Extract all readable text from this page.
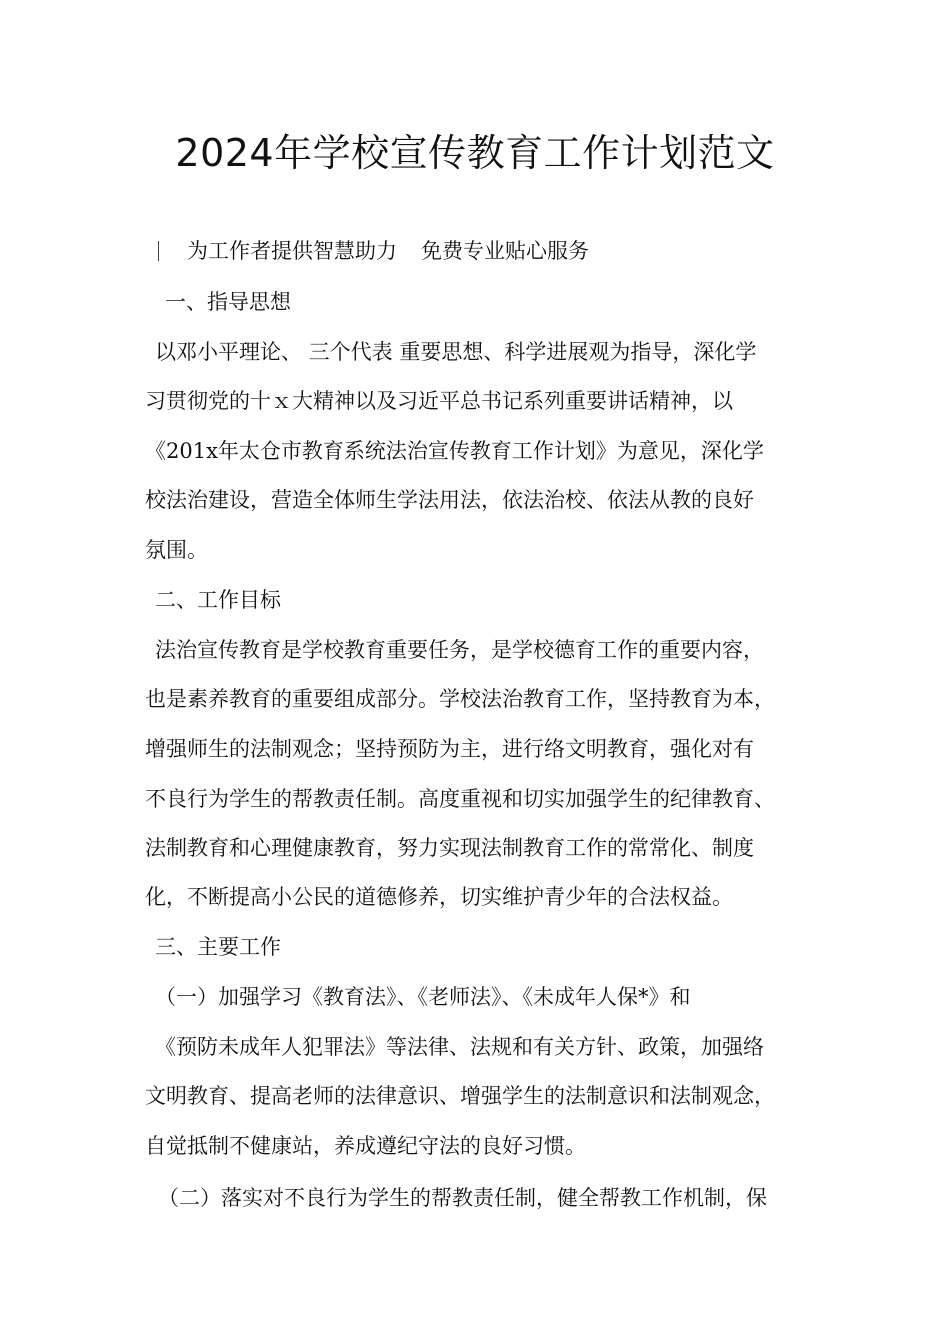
2024年学校宣传教育工作计划范文
为工作者提供智慧助力 免费专业贴心服务
一、指导思想
以邓小平理论、 三个代表 重要思想、科学进展观为指导，深化学
习贯彻党的十ｘ大精神以及习近平总书记系列重要讲话精神，以
《201x年太仓市教育系统法治宣传教育工作计划》为意见，深化学
校法治建设，营造全体师生学法用法，依法治校、依法从教的良好
氛围。
二、工作目标
法治宣传教育是学校教育重要任务，是学校德育工作的重要内容，
也是素养教育的重要组成部分。学校法治教育工作，坚持教育为本，
增强师生的法制观念；坚持预防为主，进行络文明教育，强化对有
不良行为学生的帮教责任制。高度重视和切实加强学生的纪律教育、
法制教育和心理健康教育，努力实现法制教育工作的常常化、制度
化，不断提高小公民的道德修养，切实维护青少年的合法权益。
三、主要工作
（一）加强学习《教育法》、《老师法》、《未成年人保*》和
《预防未成年人犯罪法》等法律、法规和有关方针、政策，加强络
文明教育、提高老师的法律意识、增强学生的法制意识和法制观念，
自觉抵制不健康站，养成遵纪守法的良好习惯。
（二）落实对不良行为学生的帮教责任制，健全帮教工作机制，保
